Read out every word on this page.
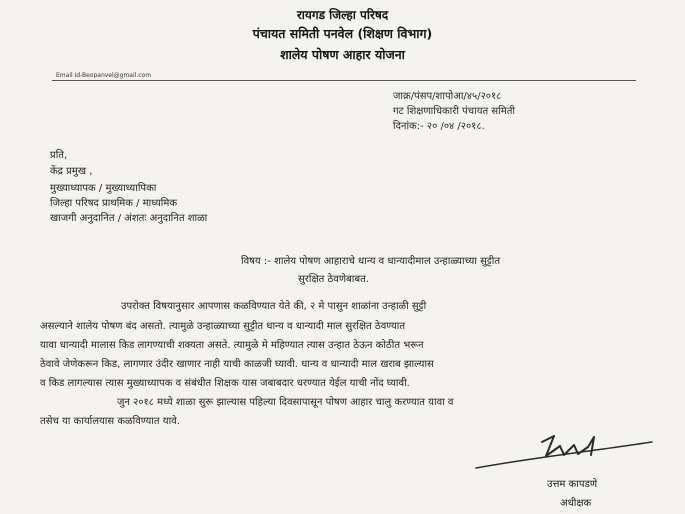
रायगड जिल्हा परिषद
पंचायत समिती पनवेल (शिक्षण विभाग)
शालेय पोषण आहार योजना
Email id-Beopanvel@gmail.com
जाक्र/पंसप/शापोआ/४५/२०१८
गट शिक्षणाधिकारी पंचायत समिती
दिनांक:- २० /०४ /२०१८.
प्रति,
केंद्र प्रमुख ,
मुख्याध्यापक / मुख्याध्यापिका
जिल्हा परिषद प्राथमिक / माध्यमिक
खाजगी अनुदानित / अंशतः अनुदानित शाळा
विषय :- शालेय पोषण आहाराचे धान्य व धान्यादीमाल उन्हाळ्याच्या सुट्टीत
सुरक्षित ठेवणेबाबत.
उपरोक्त विषयानुसार आपणास कळविण्यात येते की, २ मे पासुन शाळांना उन्हाळी सुट्टी
असल्याने शालेय पोषण बंद असतो. त्यामुळे उन्हाळ्याच्या सुट्टीत धान्य व धान्यादी माल सुरक्षित ठेवण्यात
यावा धान्यादी मालास किड लागण्याची शक्यता असते. त्यामुळे मे महिण्यात त्यास उन्हात ठेऊन कोठीत भरून
ठेवावे जेणेकरून किड, लागणार उंदीर खाणार नाही याची काळजी घ्यावी. धान्य व धान्यादी माल खराब झाल्यास
व किड लागल्यास त्यास मुख्याध्यापक व संबंधीत शिक्षक यास जबाबदार धरण्यात येईल याची नोंद घ्यावी.
जुन २०१८ मध्ये शाळा सुरू झाल्यास पहिल्या दिवसापासून पोषण आहार चालु करण्यात यावा व
तसेच या कार्यालयास कळविण्यात यावे.
उत्तम कापडणे
अधीक्षक
